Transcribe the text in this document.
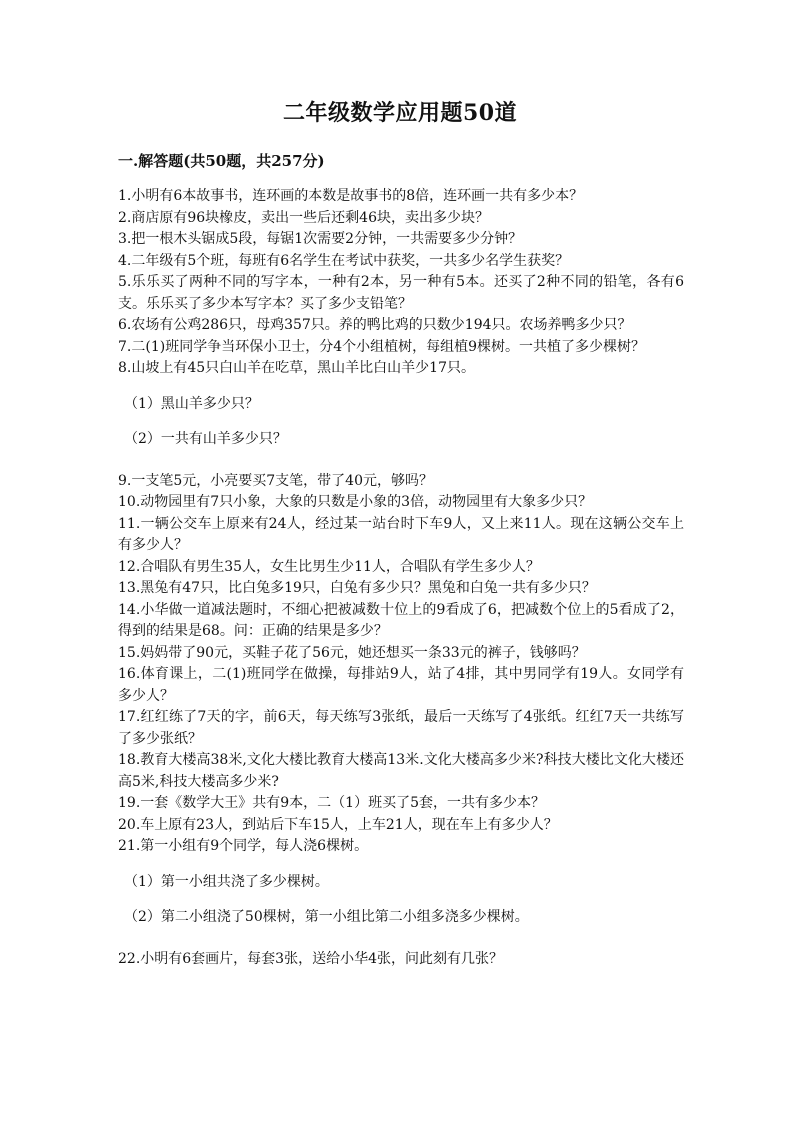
二年级数学应用题50道
一.解答题(共50题，共257分)

1.小明有6本故事书，连环画的本数是故事书的8倍，连环画一共有多少本？

2.商店原有96块橡皮，卖出一些后还剩46块，卖出多少块？

3.把一根木头锯成5段，每锯1次需要2分钟，一共需要多少分钟？

4.二年级有5个班，每班有6名学生在考试中获奖，一共多少名学生获奖？

5.乐乐买了两种不同的写字本，一种有2本，另一种有5本。还买了2种不同的铅笔，各有6支。乐乐买了多少本写字本？买了多少支铅笔？

6.农场有公鸡286只，母鸡357只。养的鸭比鸡的只数少194只。农场养鸭多少只？

7.二(1)班同学争当环保小卫士，分4个小组植树，每组植9棵树。一共植了多少棵树？

8.山坡上有45只白山羊在吃草，黑山羊比白山羊少17只。

（1）黑山羊多少只？

（2）一共有山羊多少只？

9.一支笔5元，小亮要买7支笔，带了40元，够吗？

10.动物园里有7只小象，大象的只数是小象的3倍，动物园里有大象多少只？

11.一辆公交车上原来有24人，经过某一站台时下车9人，又上来11人。现在这辆公交车上有多少人？

12.合唱队有男生35人，女生比男生少11人，合唱队有学生多少人？

13.黑兔有47只，比白兔多19只，白兔有多少只？黑兔和白兔一共有多少只？

14.小华做一道减法题时，不细心把被减数十位上的9看成了6，把减数个位上的5看成了2，得到的结果是68。问：正确的结果是多少？

15.妈妈带了90元，买鞋子花了56元，她还想买一条33元的裤子，钱够吗？

16.体育课上，二(1)班同学在做操，每排站9人，站了4排，其中男同学有19人。女同学有多少人？

17.红红练了7天的字，前6天，每天练写3张纸，最后一天练写了4张纸。红红7天一共练写了多少张纸？

18.教育大楼高38米,文化大楼比教育大楼高13米.文化大楼高多少米?科技大楼比文化大楼还高5米,科技大楼高多少米?

19.一套《数学大王》共有9本，二（1）班买了5套，一共有多少本？

20.车上原有23人，到站后下车15人，上车21人，现在车上有多少人？

21.第一小组有9个同学，每人浇6棵树。

（1）第一小组共浇了多少棵树。

（2）第二小组浇了50棵树，第一小组比第二小组多浇多少棵树。

22.小明有6套画片，每套3张，送给小华4张，问此刻有几张？
